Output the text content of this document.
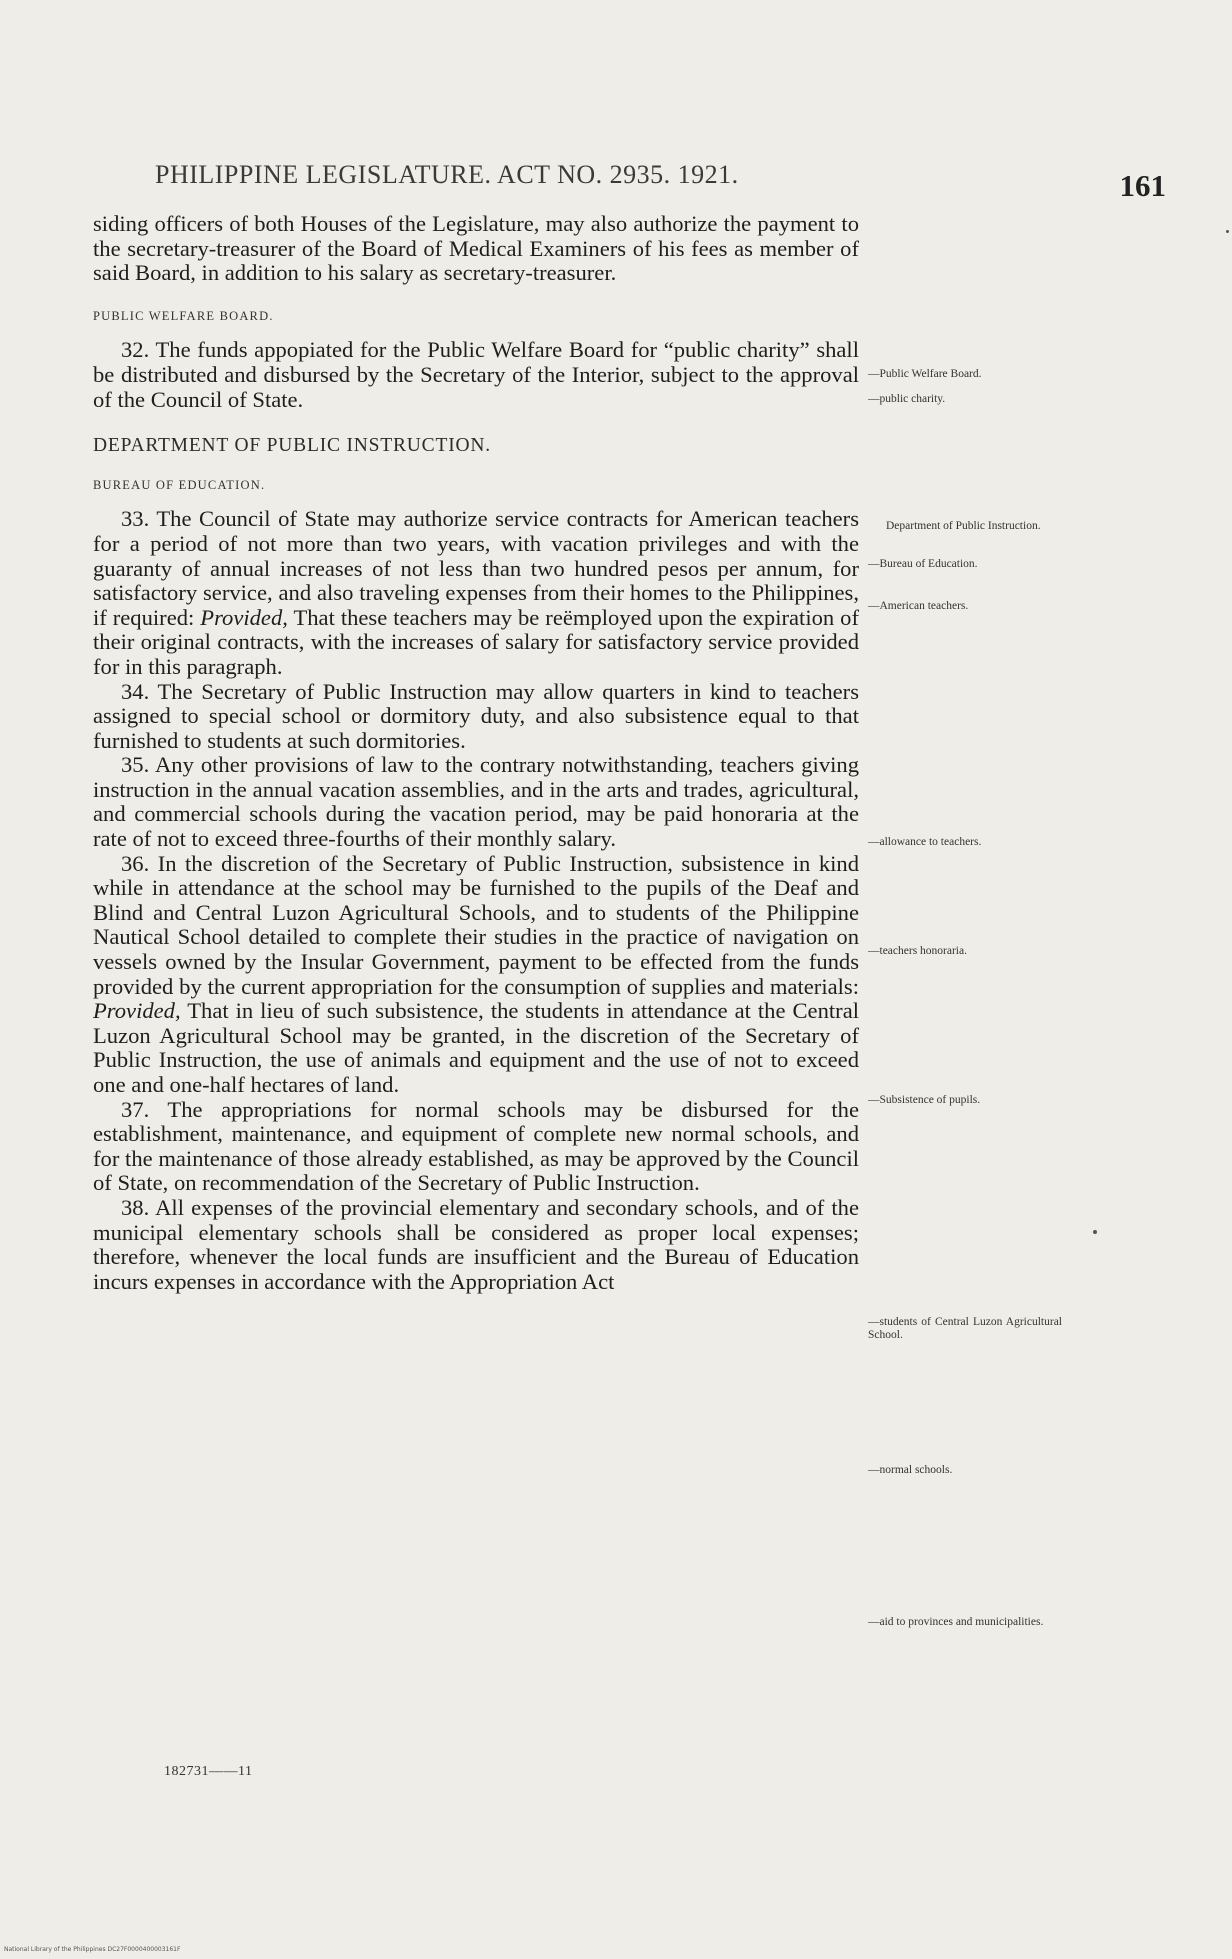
PHILIPPINE LEGISLATURE. ACT NO. 2935. 1921.	161

siding officers of both Houses of the Legislature, may also authorize the payment to the secretary-treasurer of the Board of Medical Examiners of his fees as member of said Board, in addition to his salary as secretary-treasurer.

PUBLIC WELFARE BOARD.

32. The funds appopiated for the Public Welfare Board for “public charity” shall be distributed and disbursed by the Secretary of the Interior, subject to the approval of the Council of State.

DEPARTMENT OF PUBLIC INSTRUCTION.

BUREAU OF EDUCATION.

33. The Council of State may authorize service contracts for American teachers for a period of not more than two years, with vacation privileges and with the guaranty of annual increases of not less than two hundred pesos per annum, for satisfactory service, and also traveling expenses from their homes to the Philippines, if required: Provided, That these teachers may be reëmployed upon the expiration of their original contracts, with the increases of salary for satisfactory service provided for in this paragraph.

34. The Secretary of Public Instruction may allow quarters in kind to teachers assigned to special school or dormitory duty, and also subsistence equal to that furnished to students at such dormitories.

35. Any other provisions of law to the contrary notwithstanding, teachers giving instruction in the annual vacation assemblies, and in the arts and trades, agricultural, and commercial schools during the vacation period, may be paid honoraria at the rate of not to exceed three-fourths of their monthly salary.

36. In the discretion of the Secretary of Public Instruction, subsistence in kind while in attendance at the school may be furnished to the pupils of the Deaf and Blind and Central Luzon Agricultural Schools, and to students of the Philippine Nautical School detailed to complete their studies in the practice of navigation on vessels owned by the Insular Government, payment to be effected from the funds provided by the current appropriation for the consumption of supplies and materials: Provided, That in lieu of such subsistence, the students in attendance at the Central Luzon Agricultural School may be granted, in the discretion of the Secretary of Public Instruction, the use of animals and equipment and the use of not to exceed one and one-half hectares of land.

37. The appropriations for normal schools may be disbursed for the establishment, maintenance, and equipment of complete new normal schools, and for the maintenance of those already established, as may be approved by the Council of State, on recommendation of the Secretary of Public Instruction.

38. All expenses of the provincial elementary and secondary schools, and of the municipal elementary schools shall be considered as proper local expenses; therefore, whenever the local funds are insufficient and the Bureau of Education incurs expenses in accordance with the Appropriation Act

—Public Welfare Board.
—public charity.
Department of Public Instruction.
—Bureau of Education.
—American teachers.
—allowance to teachers.
—teachers honoraria.
—Subsistence of pupils.
—students of Central Luzon Agricultural School.
—normal schools.
—aid to provinces and municipalities.
182731——11
National Library of the Philippines DC27F0000400003161F
